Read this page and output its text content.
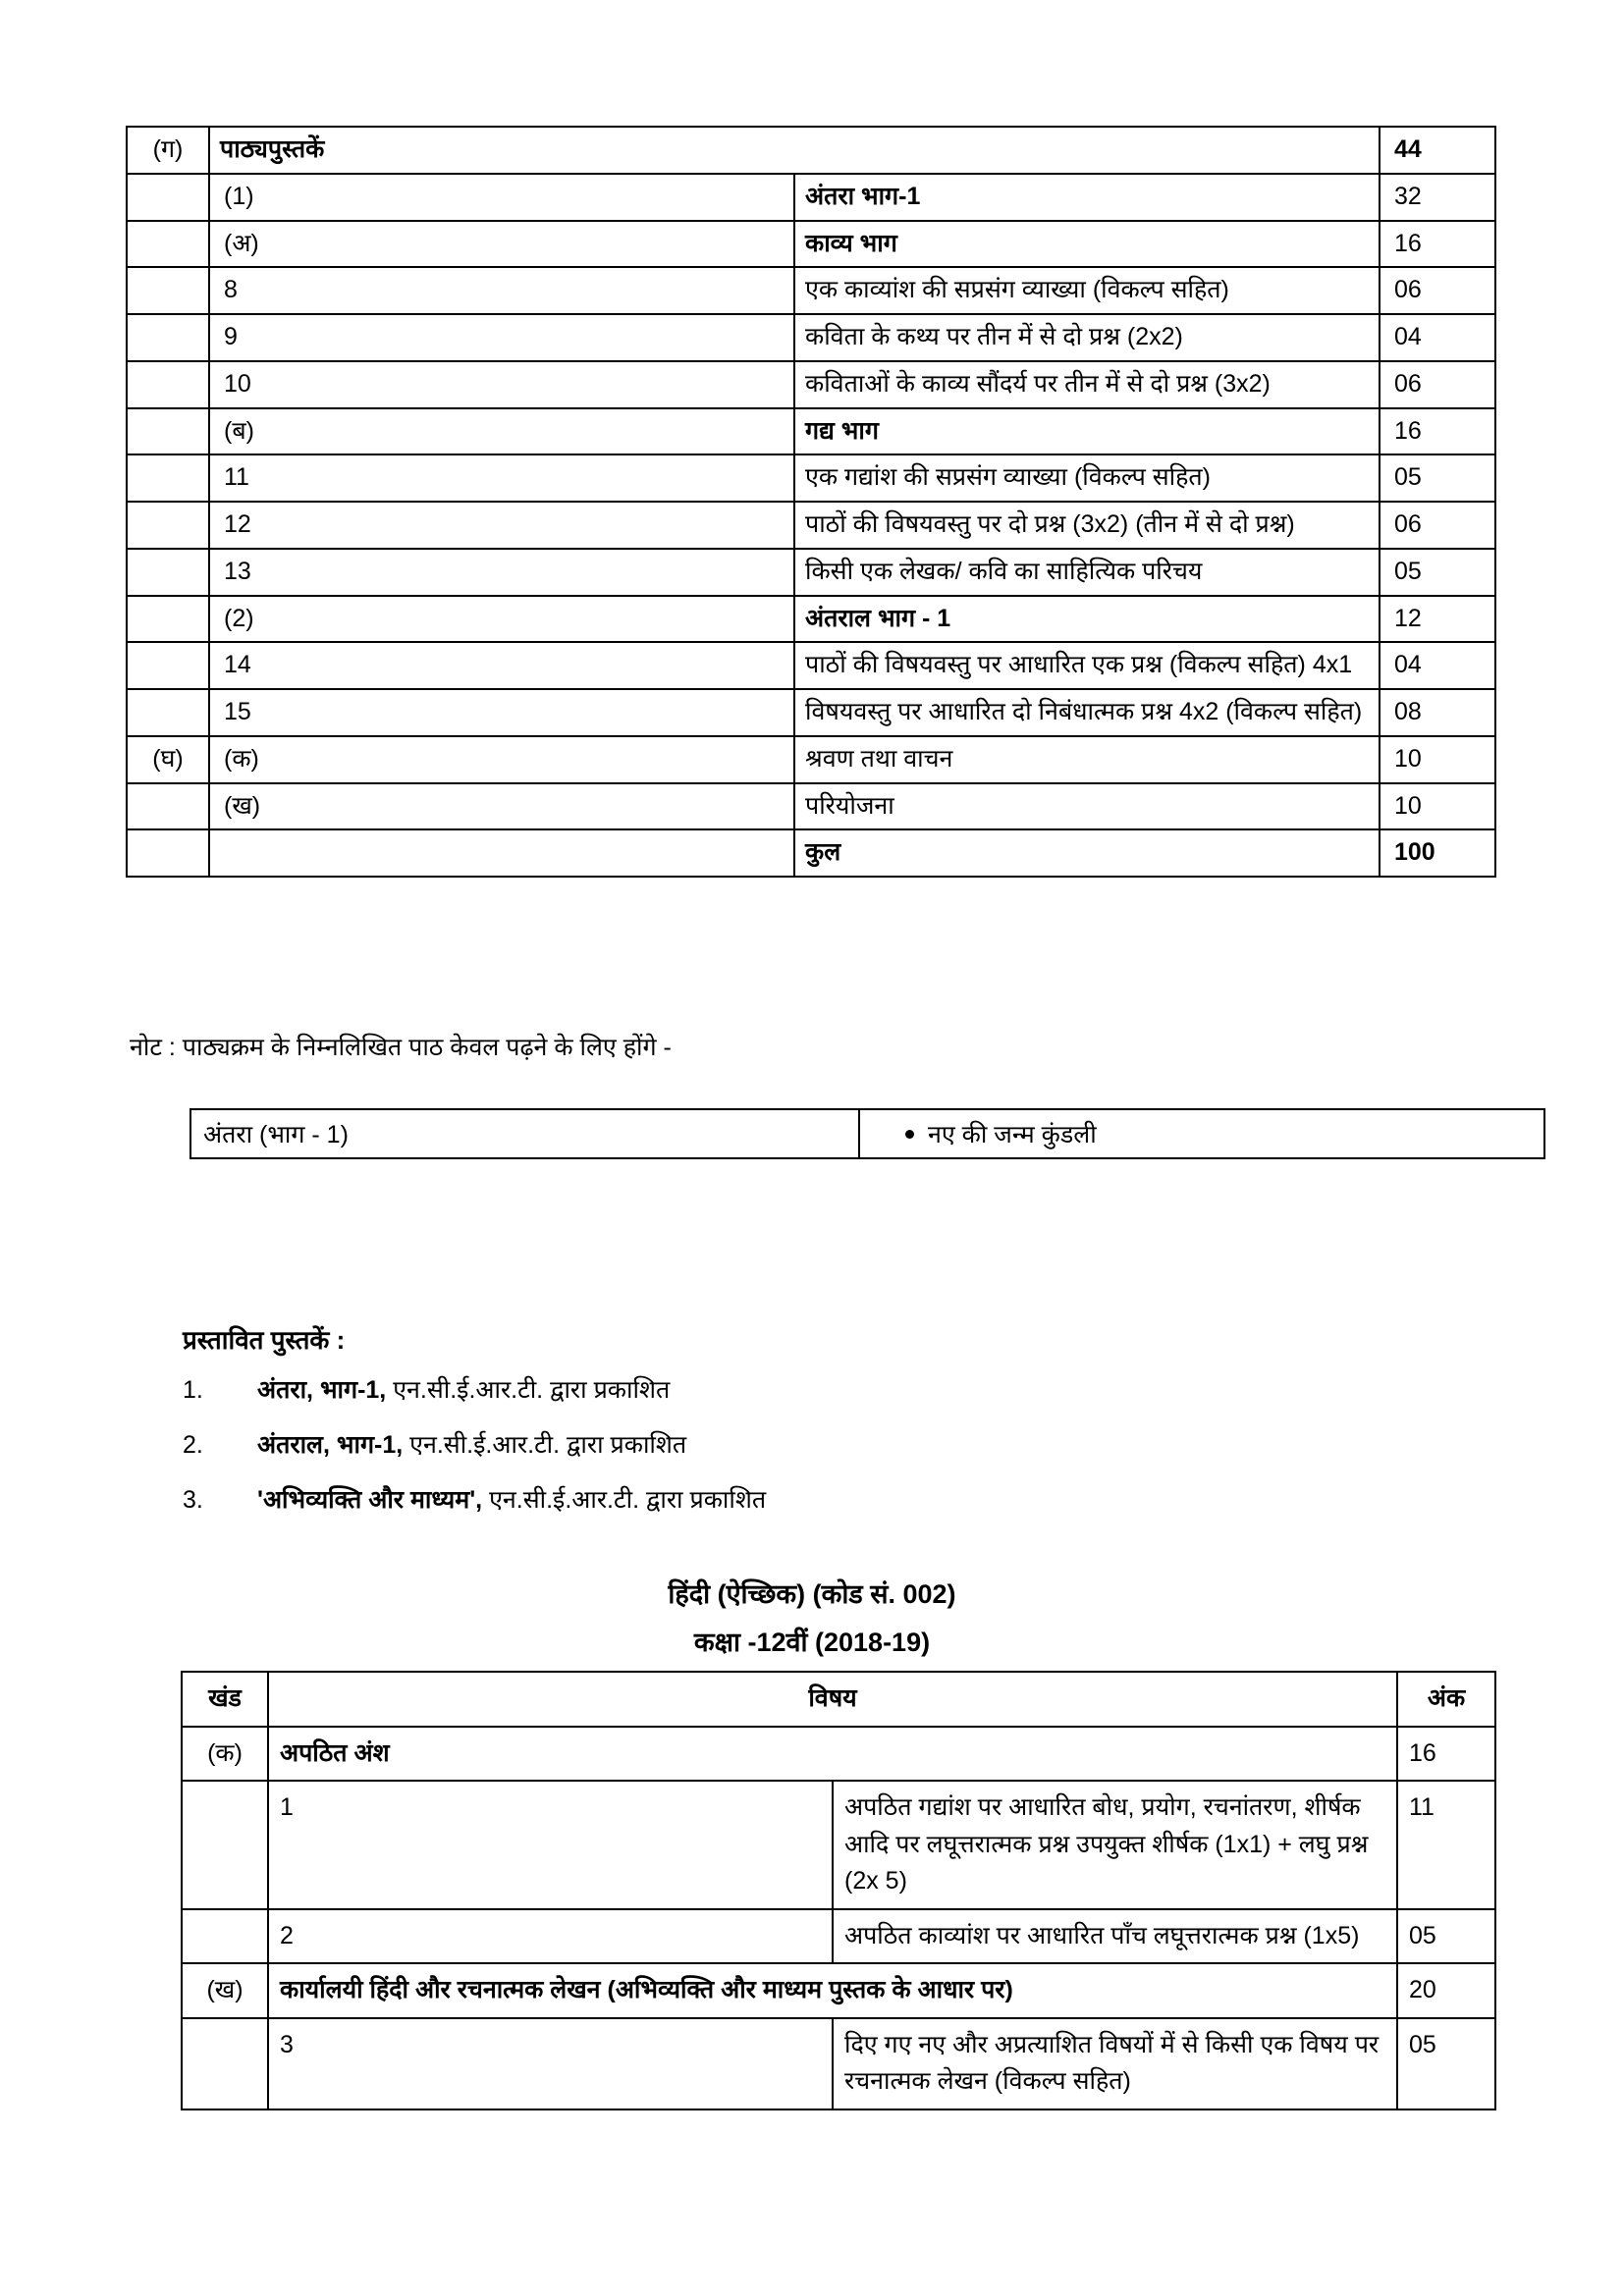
(ग)	पाठ्यपुस्तकें		44
	(1)	अंतरा भाग-1	32
	(अ)	काव्य भाग	16
	8	एक काव्यांश की सप्रसंग व्याख्या (विकल्प सहित)	06
	9	कविता के कथ्य पर तीन में से दो प्रश्न (2x2)	04
	10	कविताओं के काव्य सौंदर्य पर तीन में से दो प्रश्न (3x2)	06
	(ब)	गद्य भाग	16
	11	एक गद्यांश की सप्रसंग व्याख्या (विकल्प सहित)	05
	12	पाठों की विषयवस्तु पर दो प्रश्न (3x2) (तीन में से दो प्रश्न)	06
	13	किसी एक लेखक/ कवि का साहित्यिक परिचय	05
	(2)	अंतराल भाग - 1	12
	14	पाठों की विषयवस्तु पर आधारित एक प्रश्न (विकल्प सहित) 4x1	04
	15	विषयवस्तु पर आधारित दो निबंधात्मक प्रश्न 4x2 (विकल्प सहित)	08
(घ)	(क)	श्रवण तथा वाचन	10
	(ख)	परियोजना	10
		कुल	100
नोट : पाठ्यक्रम के निम्नलिखित पाठ केवल पढ़ने के लिए होंगे -
अंतरा (भाग - 1)	नए की जन्म कुंडली
प्रस्तावित पुस्तकें :
1.	अंतरा, भाग-1,
एन.सी.ई.आर.टी. द्वारा प्रकाशित
2.	अंतराल, भाग-1,
एन.सी.ई.आर.टी. द्वारा प्रकाशित
3.	'अभिव्यक्ति और माध्यम',
एन.सी.ई.आर.टी. द्वारा प्रकाशित
हिंदी (ऐच्छिक) (कोड सं. 002)
कक्षा -12वीं (2018-19)
खंड	विषय		अंक
(क)	अपठित अंश		16
	1	अपठित गद्यांश पर आधारित बोध, प्रयोग, रचनांतरण, शीर्षक आदि पर लघूत्तरात्मक प्रश्न उपयुक्त शीर्षक (1x1) + लघु प्रश्न (2x 5)	11
	2	अपठित काव्यांश पर आधारित पाँच लघूत्तरात्मक प्रश्न (1x5)	05
(ख)	कार्यालयी हिंदी और रचनात्मक लेखन (अभिव्यक्ति और माध्यम पुस्तक के आधार पर)		20
	3	दिए गए नए और अप्रत्याशित विषयों में से किसी एक विषय पर रचनात्मक लेखन (विकल्प सहित)	05
